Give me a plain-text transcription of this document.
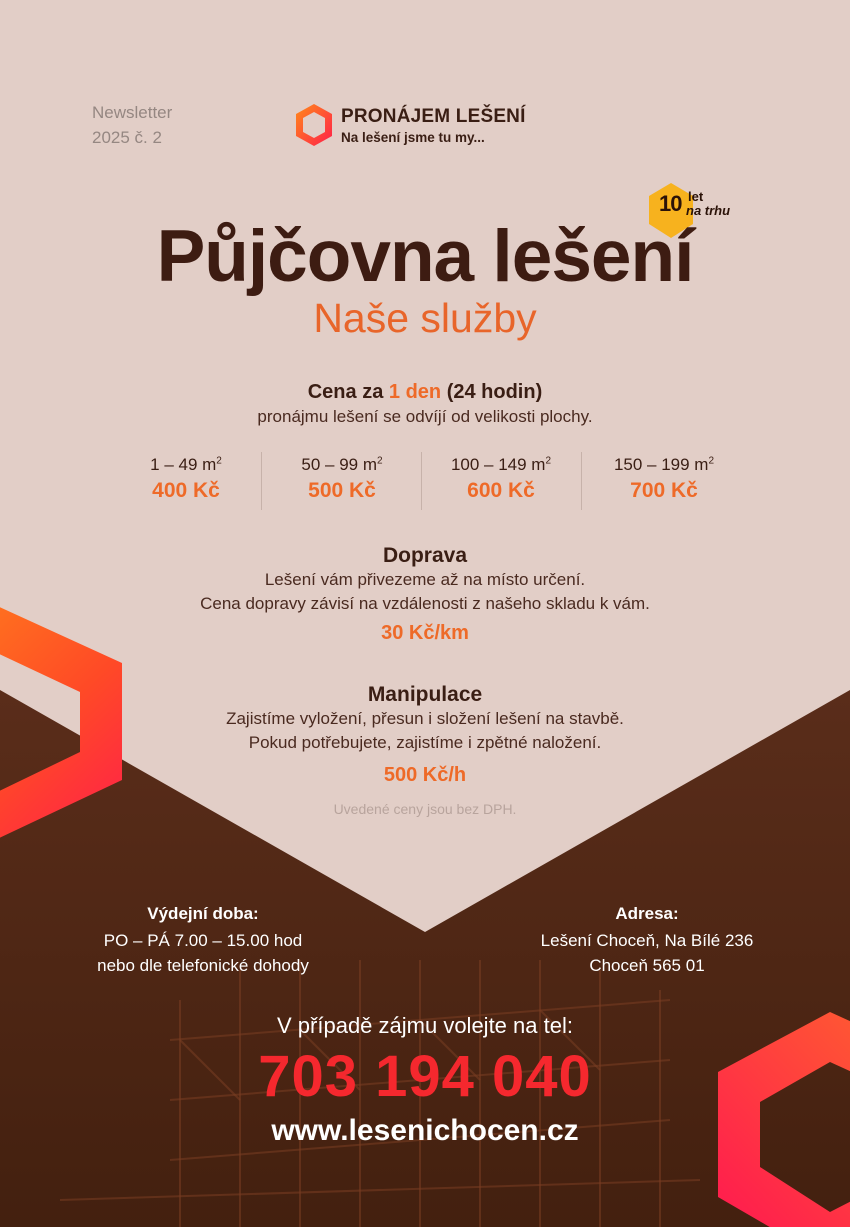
Newsletter
2025 č. 2
PRONÁJEM LEŠENÍ
Na lešení jsme tu my...
10 let
na trhu
Půjčovna lešení
Naše služby
Cena za 1 den (24 hodin)
pronájmu lešení se odvíjí od velikosti plochy.
1 – 49 $m^2$
400 Kč
50 – 99 $m^2$
500 Kč
100 – 149 $m^2$
600 Kč
150 – 199 $m^2$
700 Kč
Doprava
Lešení vám přivezeme až na místo určení.
Cena dopravy závisí na vzdálenosti z našeho skladu k vám.
30 Kč/km
Manipulace
Zajistíme vyložení, přesun i složení lešení na stavbě.
Pokud potřebujete, zajistíme i zpětné naložení.
500 Kč/h
Uvedené ceny jsou bez DPH.
Výdejní doba:
PO – PÁ 7.00 – 15.00 hod
nebo dle telefonické dohody
Adresa:
Lešení Choceň, Na Bílé 236
Choceň 565 01
V případě zájmu volejte na tel:
703 194 040
www.lesenichocen.cz
